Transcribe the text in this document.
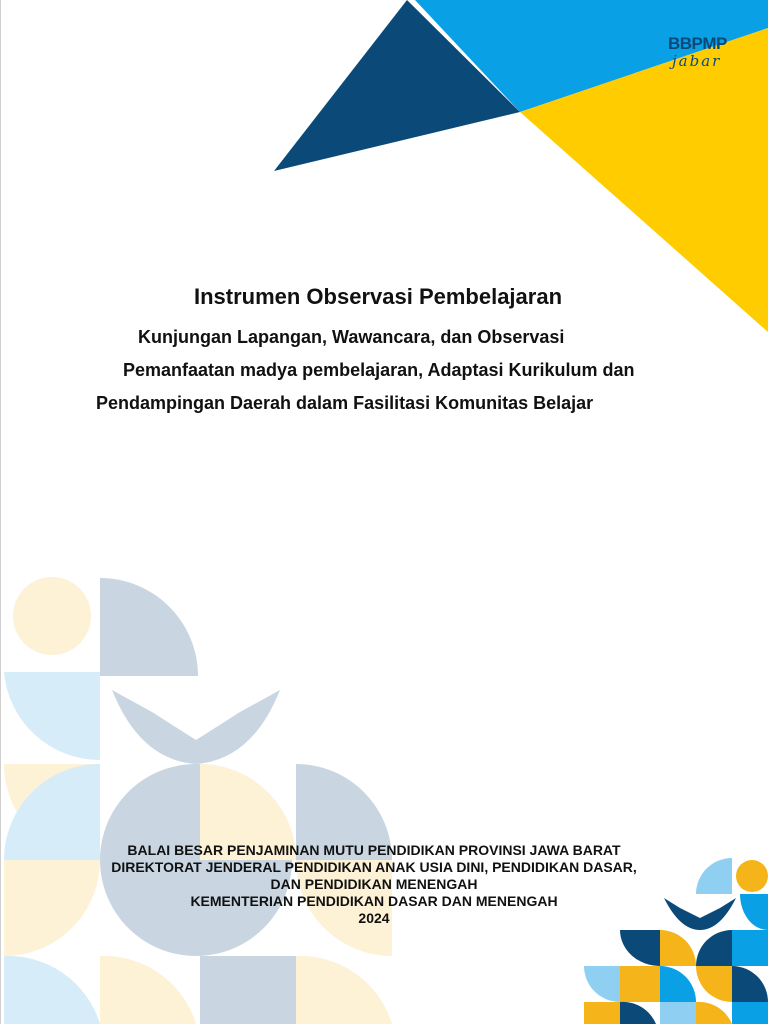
BBPMP
jabar
Instrumen Observasi Pembelajaran
Kunjungan Lapangan, Wawancara, dan Observasi
Pemanfaatan madya pembelajaran, Adaptasi Kurikulum dan
Pendampingan Daerah dalam Fasilitasi Komunitas Belajar
BALAI BESAR PENJAMINAN MUTU PENDIDIKAN PROVINSI JAWA BARAT
DIREKTORAT JENDERAL PENDIDIKAN ANAK USIA DINI, PENDIDIKAN DASAR,
DAN PENDIDIKAN MENENGAH
KEMENTERIAN PENDIDIKAN DASAR DAN MENENGAH
2024
